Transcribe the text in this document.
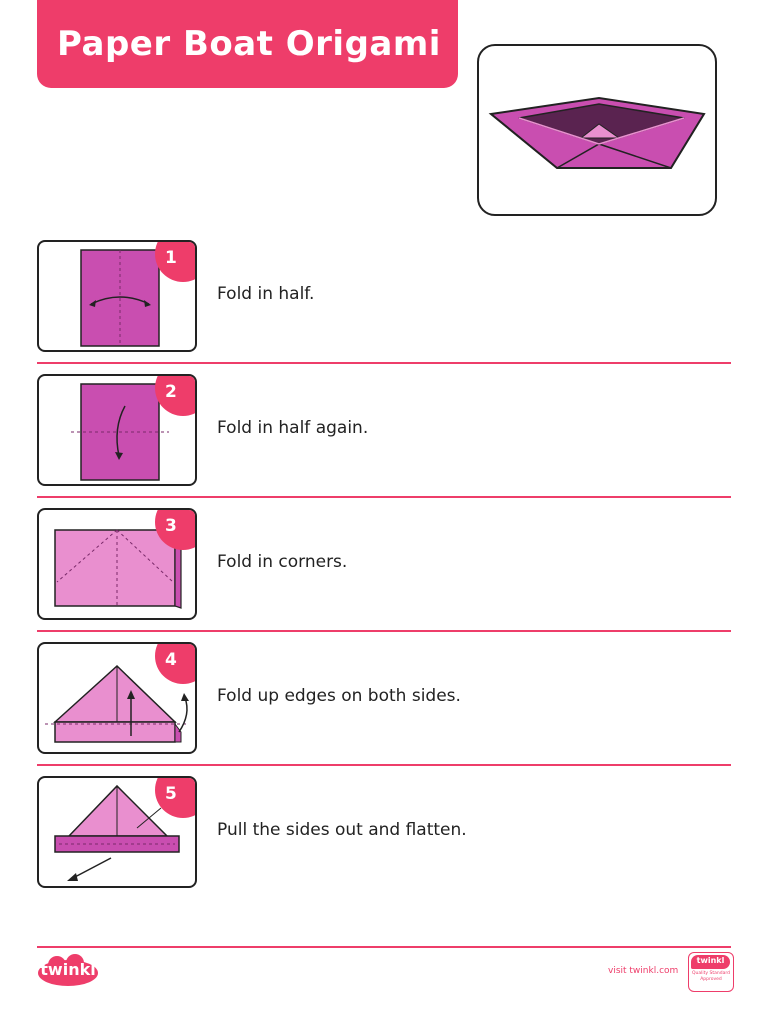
Paper Boat Origami
1
Fold in half.
2
Fold in half again.
3
Fold in corners.
4
Fold up edges on both sides.
5
Pull the sides out and flatten.
twinkl	visit twinkl.com
twinkl
Quality Standard Approved
